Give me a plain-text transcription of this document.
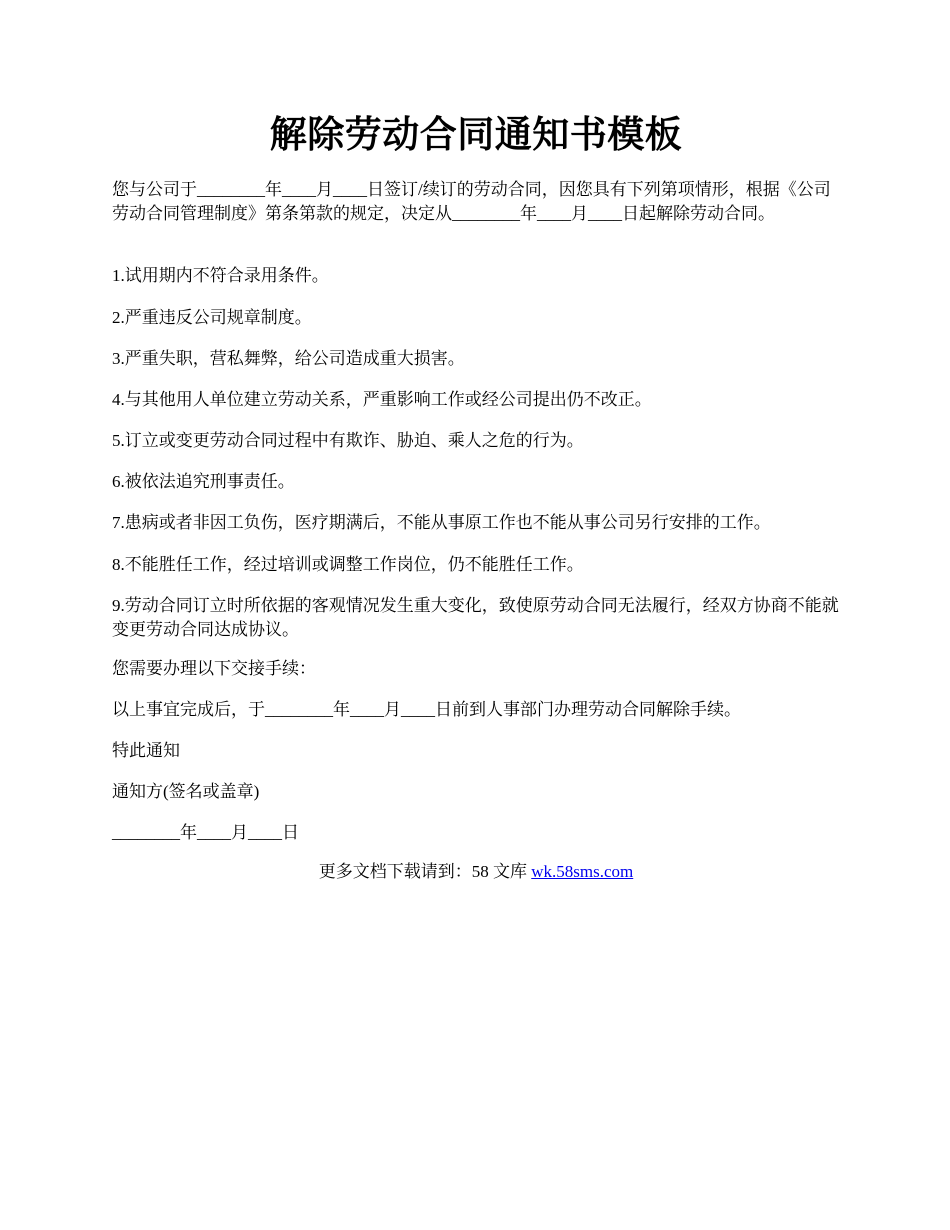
解除劳动合同通知书模板
您与公司于________年____月____日签订/续订的劳动合同，因您具有下列第项情形，根据《公司劳动合同管理制度》第条第款的规定，决定从________年____月____日起解除劳动合同。
1.试用期内不符合录用条件。
2.严重违反公司规章制度。
3.严重失职，营私舞弊，给公司造成重大损害。
4.与其他用人单位建立劳动关系，严重影响工作或经公司提出仍不改正。
5.订立或变更劳动合同过程中有欺诈、胁迫、乘人之危的行为。
6.被依法追究刑事责任。
7.患病或者非因工负伤，医疗期满后，不能从事原工作也不能从事公司另行安排的工作。
8.不能胜任工作，经过培训或调整工作岗位，仍不能胜任工作。
9.劳动合同订立时所依据的客观情况发生重大变化，致使原劳动合同无法履行，经双方协商不能就变更劳动合同达成协议。
您需要办理以下交接手续：
以上事宜完成后，于________年____月____日前到人事部门办理劳动合同解除手续。
特此通知
通知方(签名或盖章)
________年____月____日
更多文档下载请到：58 文库 wk.58sms.com
